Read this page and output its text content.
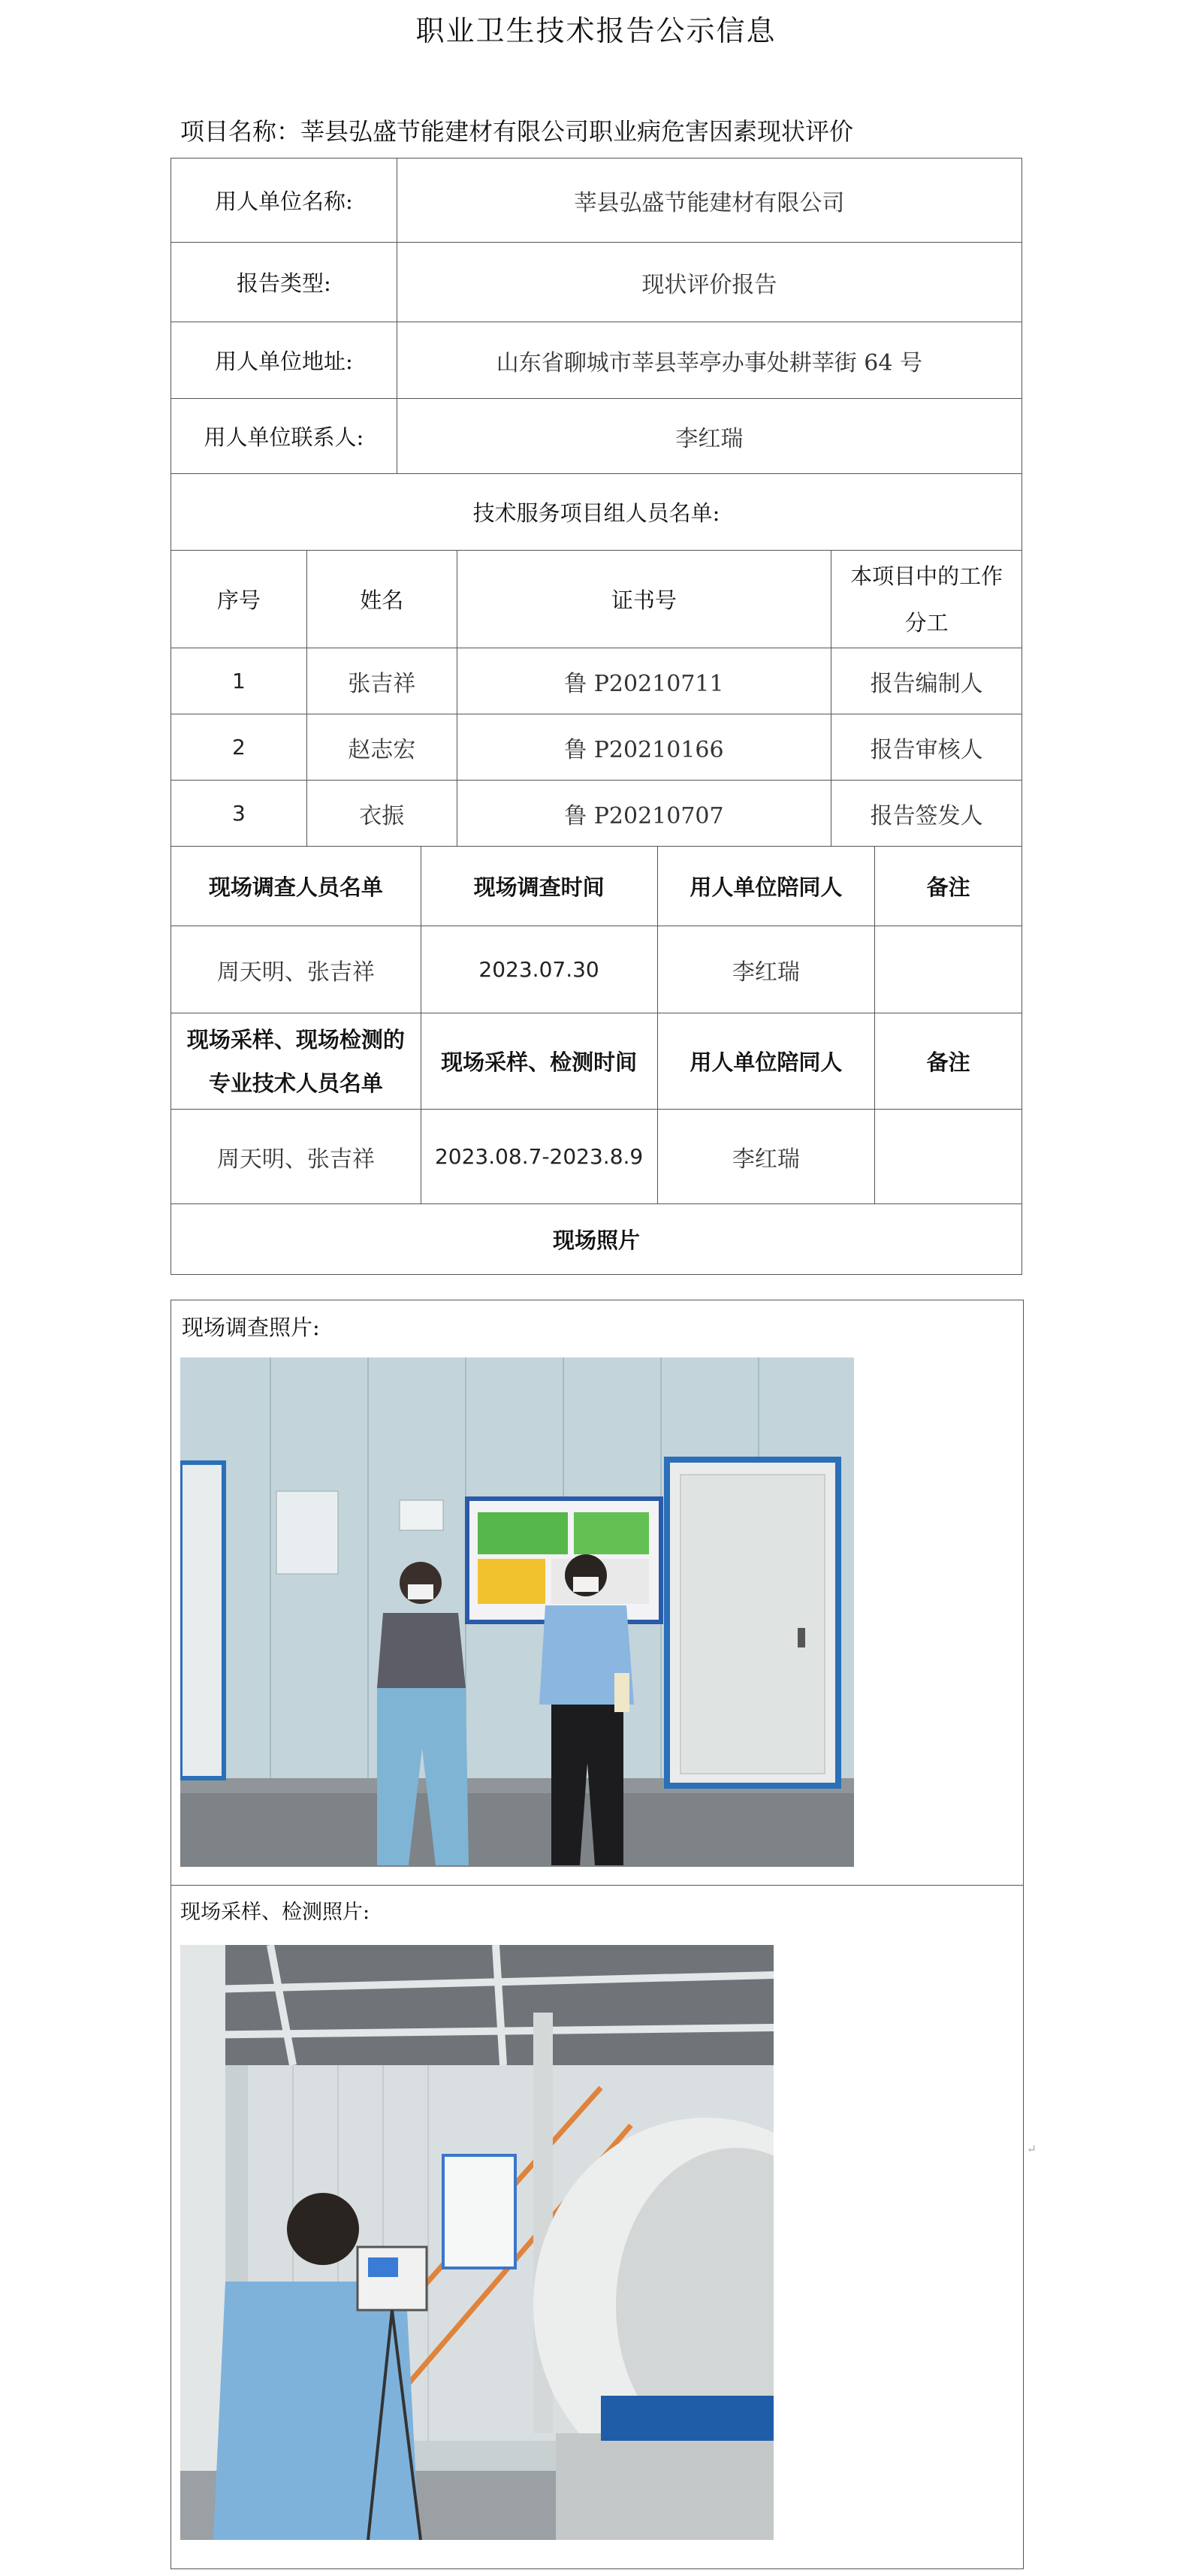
职业卫生技术报告公示信息
项目名称：莘县弘盛节能建材有限公司职业病危害因素现状评价
用人单位名称:	莘县弘盛节能建材有限公司
报告类型:	现状评价报告
用人单位地址:	山东省聊城市莘县莘亭办事处耕莘街 64 号
用人单位联系人:	李红瑞
技术服务项目组人员名单:	
序号	姓名	证书号	本项目中的工作分工
1	张吉祥	鲁 P20210711	报告编制人
2	赵志宏	鲁 P20210166	报告审核人
3	衣振	鲁 P20210707	报告签发人
现场调查人员名单	现场调查时间	用人单位陪同人	备注
周天明、张吉祥	2023.07.30	李红瑞	
现场采样、现场检测的专业技术人员名单	现场采样、检测时间	用人单位陪同人	备注
周天明、张吉祥	2023.08.7-2023.8.9	李红瑞	
现场照片			
现场调查照片:
现场采样、检测照片:
↵
